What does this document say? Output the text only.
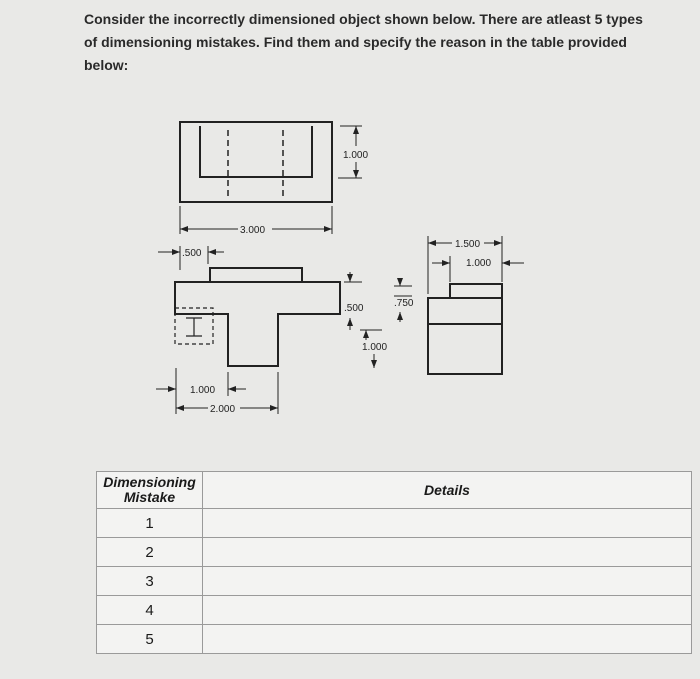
Consider the incorrectly dimensioned object shown below. There are atleast 5 types of dimensioning mistakes. Find them and specify the reason in the table provided below:
1.000
3.000
.500
.500
1.000
1.000
2.000
.750
1.500
1.000
Dimensioning Mistake	Details
1	
2	
3	
4	
5	
